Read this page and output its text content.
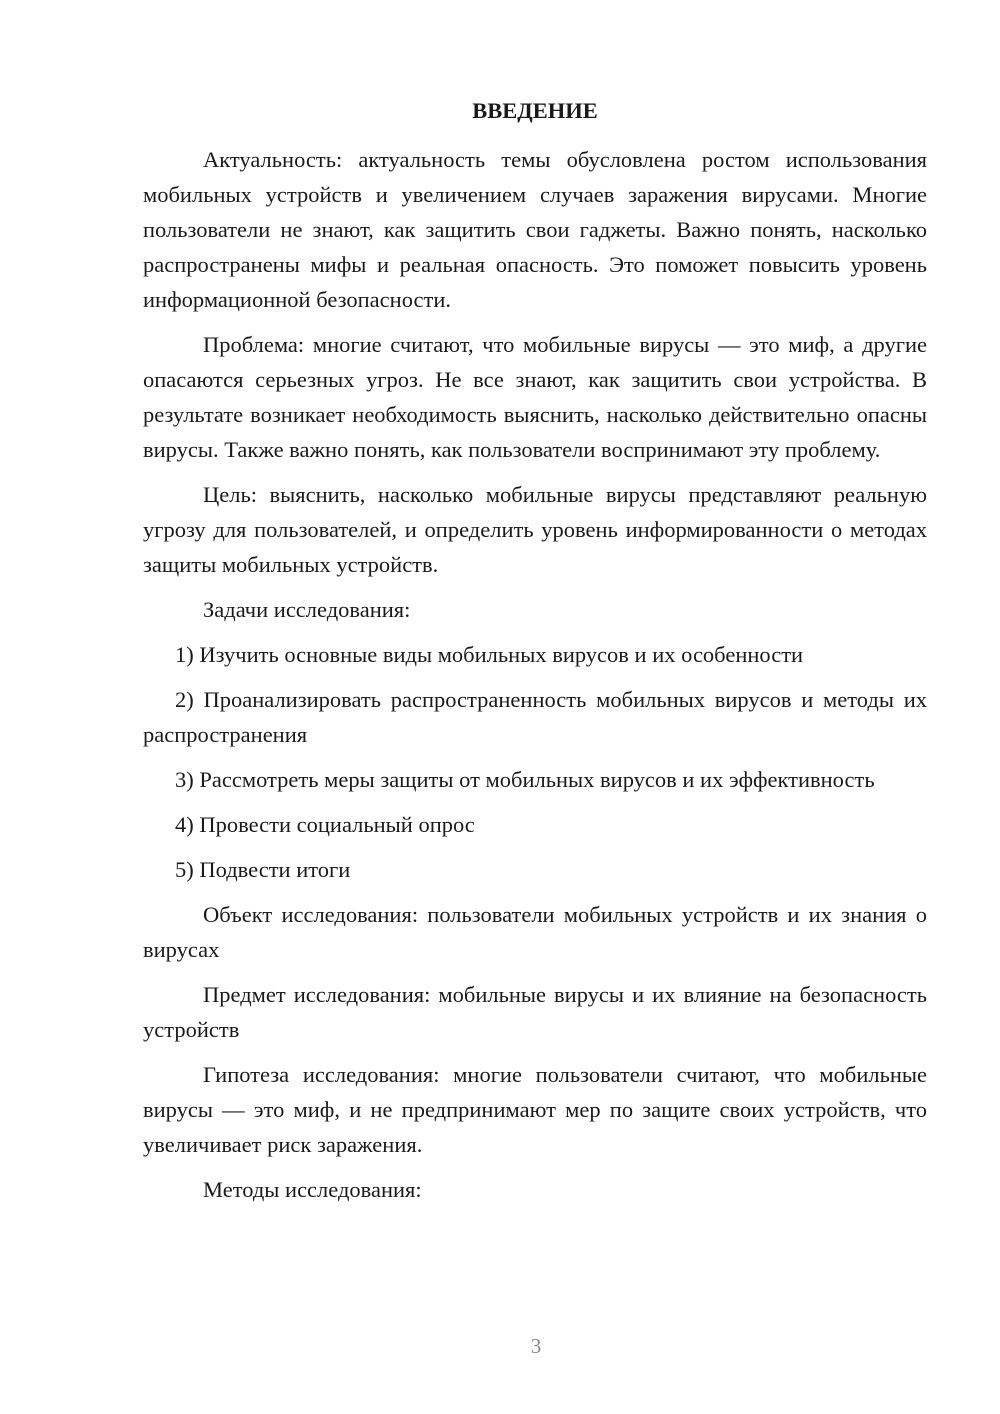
ВВЕДЕНИЕ

Актуальность: актуальность темы обусловлена ростом использования мобильных устройств и увеличением случаев заражения вирусами. Многие пользователи не знают, как защитить свои гаджеты. Важно понять, насколько распространены мифы и реальная опасность. Это поможет повысить уровень информационной безопасности.

Проблема: многие считают, что мобильные вирусы — это миф, а другие опасаются серьезных угроз. Не все знают, как защитить свои устройства. В результате возникает необходимость выяснить, насколько действительно опасны вирусы. Также важно понять, как пользователи воспринимают эту проблему.

Цель: выяснить, насколько мобильные вирусы представляют реальную угрозу для пользователей, и определить уровень информированности о методах защиты мобильных устройств.

Задачи исследования:

1) Изучить основные виды мобильных вирусов и их особенности

2) Проанализировать распространенность мобильных вирусов и методы их распространения

3) Рассмотреть меры защиты от мобильных вирусов и их эффективность

4) Провести социальный опрос

5) Подвести итоги

Объект исследования: пользователи мобильных устройств и их знания о вирусах

Предмет исследования: мобильные вирусы и их влияние на безопасность устройств

Гипотеза исследования: многие пользователи считают, что мобильные вирусы — это миф, и не предпринимают мер по защите своих устройств, что увеличивает риск заражения.

Методы исследования:

3
